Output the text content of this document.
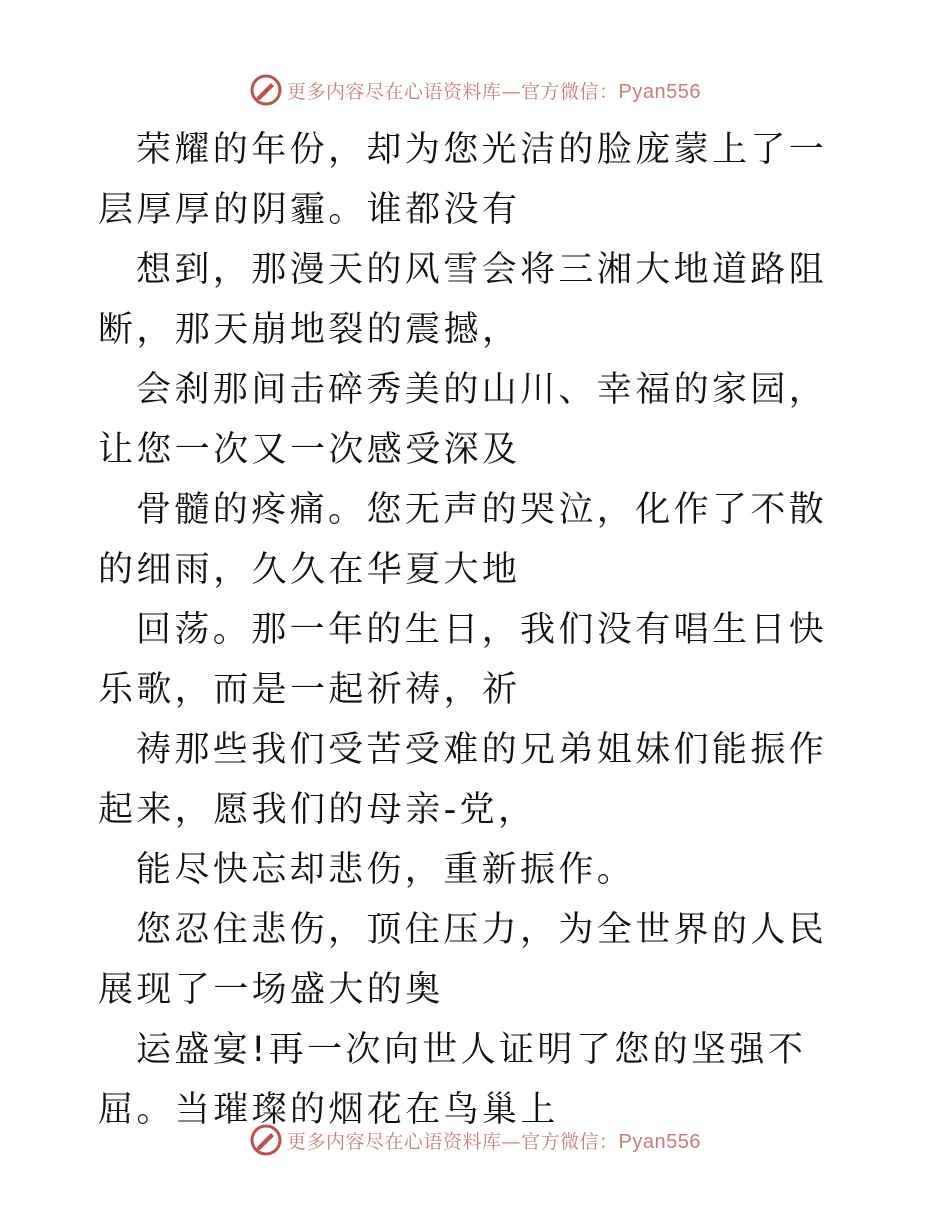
更多内容尽在心语资料库—官方微信：Pyan556

荣耀的年份，却为您光洁的脸庞蒙上了一层厚厚的阴霾。谁都没有

想到，那漫天的风雪会将三湘大地道路阻断，那天崩地裂的震撼，

会刹那间击碎秀美的山川、幸福的家园，让您一次又一次感受深及

骨髓的疼痛。您无声的哭泣，化作了不散的细雨，久久在华夏大地

回荡。那一年的生日，我们没有唱生日快乐歌，而是一起祈祷，祈

祷那些我们受苦受难的兄弟姐妹们能振作起来，愿我们的母亲-党，

能尽快忘却悲伤，重新振作。

您忍住悲伤，顶住压力，为全世界的人民展现了一场盛大的奥

运盛宴!再一次向世人证明了您的坚强不屈。当璀璨的烟花在鸟巢上

更多内容尽在心语资料库—官方微信：Pyan556
